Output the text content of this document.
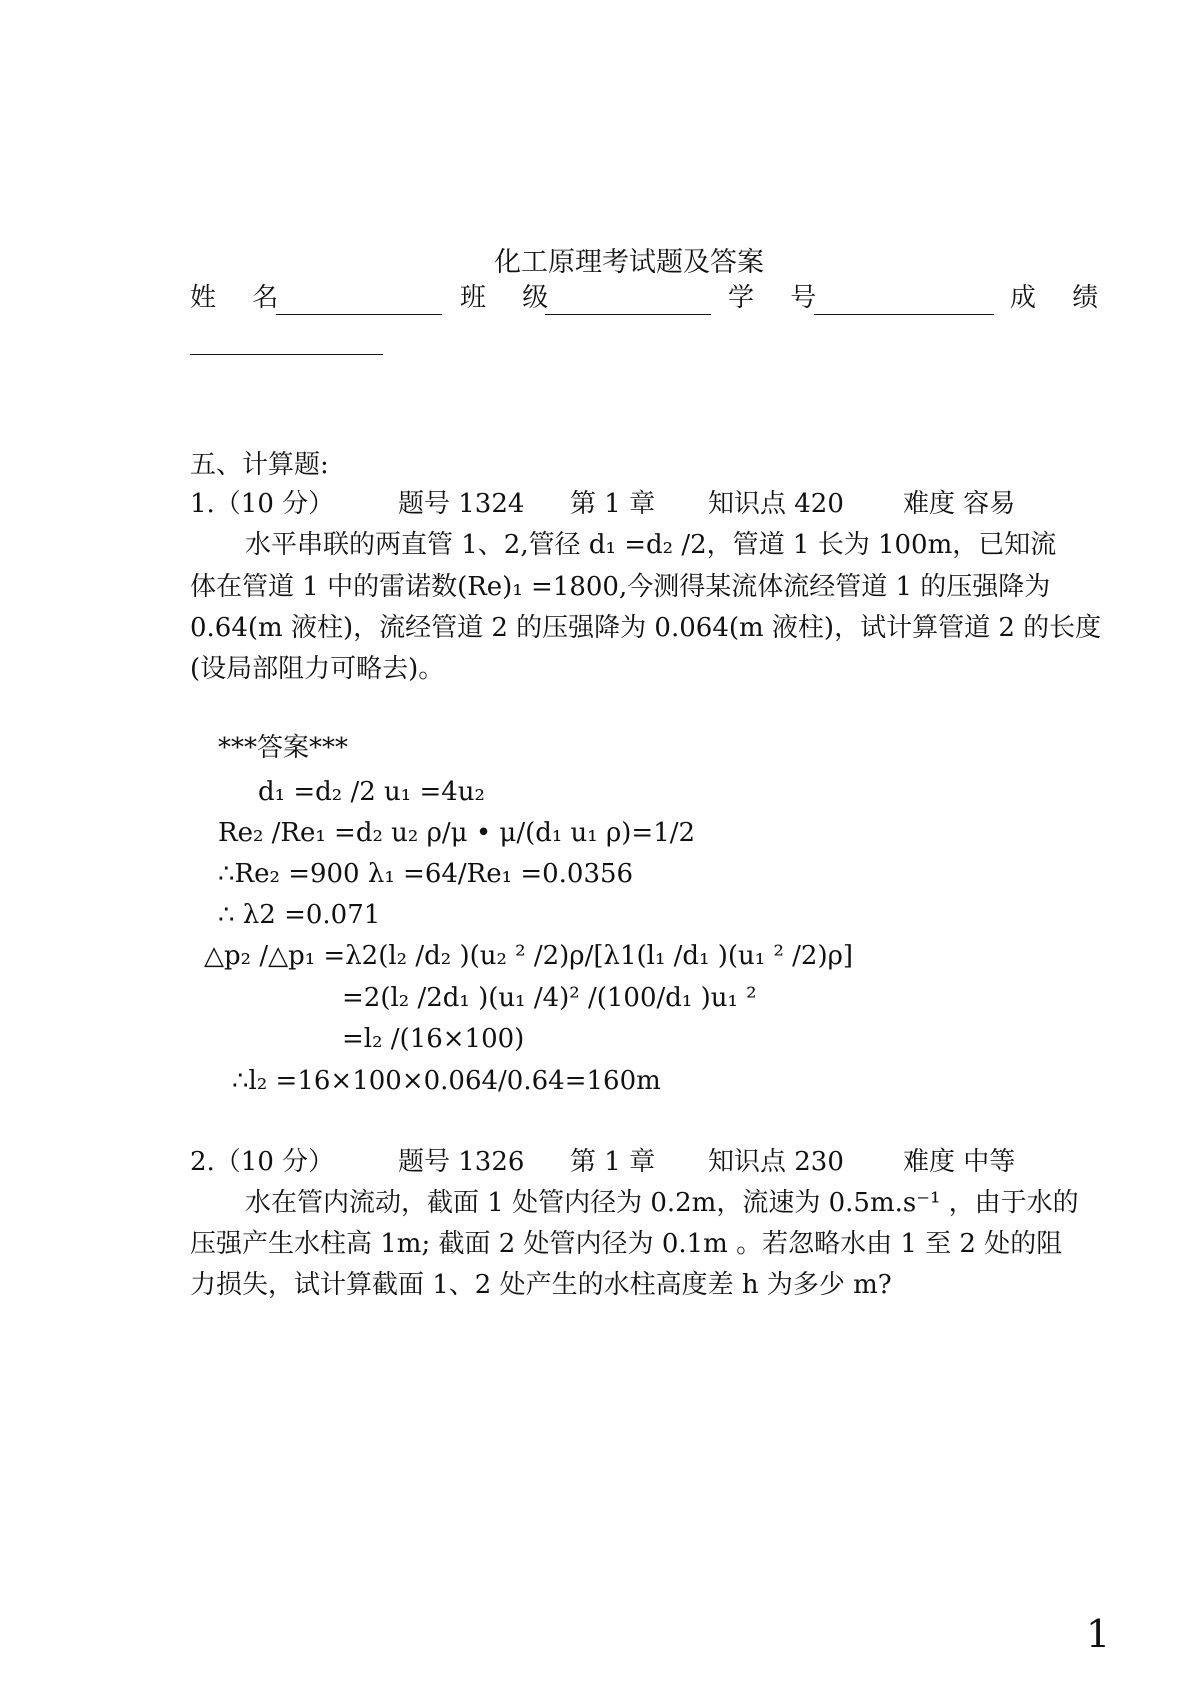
化工原理考试题及答案
姓 名	班 级	学 号	成 绩
五、计算题:
1.（10 分） 题号 1324 第 1 章 知识点 420 难度 容易
水平串联的两直管 1、2,管径 d₁ =d₂ /2，管道 1 长为 100m，已知流
体在管道 1 中的雷诺数(Re)₁ =1800,今测得某流体流经管道 1 的压强降为
0.64(m 液柱)，流经管道 2 的压强降为 0.064(m 液柱)，试计算管道 2 的长度
(设局部阻力可略去)。
***答案***
d₁ =d₂ /2 u₁ =4u₂
Re₂ /Re₁ =d₂ u₂ ρ/μ • μ/(d₁ u₁ ρ)=1/2
∴Re₂ =900 λ₁ =64/Re₁ =0.0356
∴ λ2 =0.071
△p₂ /△p₁ =λ2(l₂ /d₂ )(u₂ ² /2)ρ/[λ1(l₁ /d₁ )(u₁ ² /2)ρ]
=2(l₂ /2d₁ )(u₁ /4)² /(100/d₁ )u₁ ²
=l₂ /(16×100)
∴l₂ =16×100×0.064/0.64=160m
2.（10 分） 题号 1326 第 1 章 知识点 230 难度 中等
水在管内流动，截面 1 处管内径为 0.2m，流速为 0.5m.s⁻¹ ，由于水的
压强产生水柱高 1m; 截面 2 处管内径为 0.1m 。若忽略水由 1 至 2 处的阻
力损失，试计算截面 1、2 处产生的水柱高度差 h 为多少 m?
1
